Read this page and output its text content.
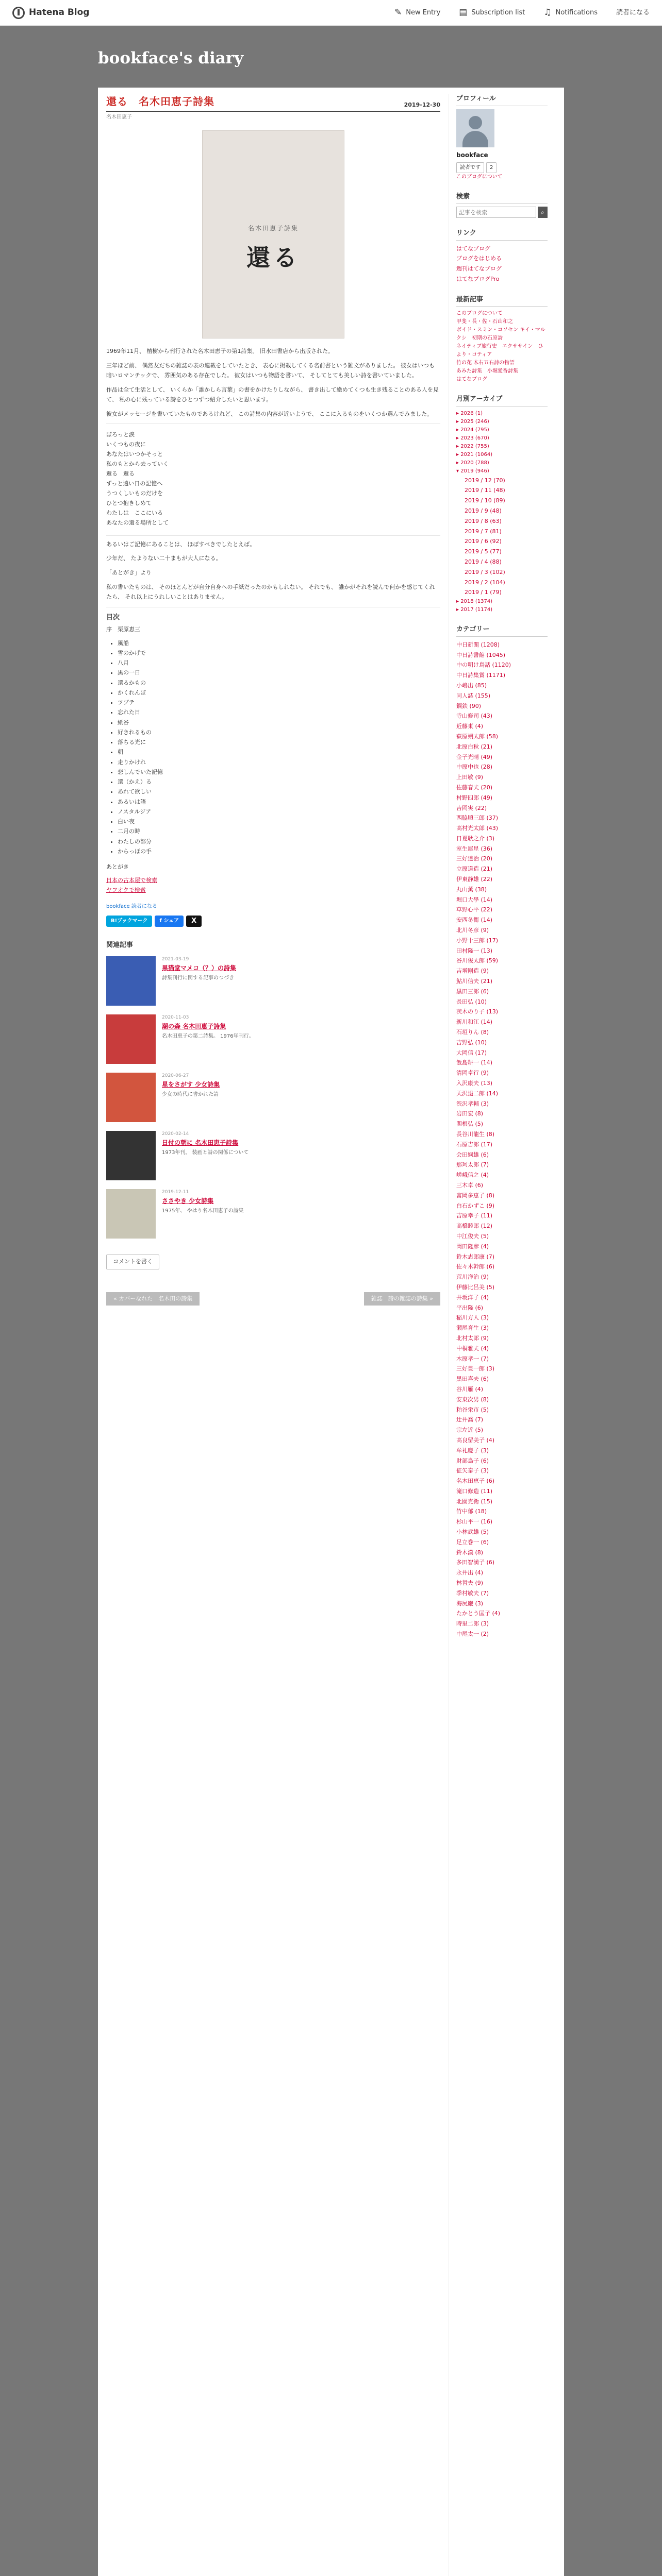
Hatena Blog	✎ New Entry ▤ Subscription list ♫ Notifications	読者になる
bookface's diary
還る　名木田恵子詩集	2019-12-30
名木田恵子
名木田恵子詩集
還る

1969年11月、 植樹から刊行された名木田恵子の第1詩集。 旧水田書店から出版された。

三年ほど前、 偶然友だちの雑誌の表の連載をしていたとき、 表心に掲載してくる名前書という雑文がありました。 彼女はいつも暗いロマンチックで、 雰囲気のある存在でした。 彼女はいつも物語を書いて、 そしてとても美しい詩を書いていました。

作品は全て生活として、 いくらか「誰かしら言葉」の書をかけたりしながら、 書き出して絶めてくつも生き残ることのある人を見て、 私の心に残っている詩をひとつずつ紹介したいと思います。

彼女がメッセージを書いていたものであるけれど、 この詩集の内容が近いようで、 ここに入るものをいくつか選んでみました。

ぽろっと涙

いくつもの夜に

あなたはいつかそっと

私のもとから去っていく

還る　還る

ずっと遠い日の記憶へ

うつくしいものだけを

ひとつ抱きしめて

わたしは　ここにいる

あなたの還る場所として

あるいはご記憶にあることは、 ほぼすべきでしたとえば。

少年だ、 たよりない二十まもが大人になる。

「あとがき」より

私の書いたものは、 そのほとんどが自分自身への手紙だったのかもしれない。 それでも、 誰かがそれを読んで何かを感じてくれたら、 それ以上にうれしいことはありません。

目次
序　栗原恵三
• 風船
• 雪のかげで
• 八月
• 黒の一日
• 還るかもの
• かくれんぼ
• ツブテ
• 忘れた日
• 紙谷
• 好きれるもの
• 落ちる光に
• 朝
• 走りかけれ
• 悲しんでいた記憶
• 還（かえ）る
• あれて欲しい
• あるいは語
• ノスタルジア
• 白い夜
• 二月の時
• わたしの部分
• からっぽの手
あとがき
日本の古本屋で検索
ヤフオクで検索
bookface 読者になる
B!ブックマーク	f シェア	X
関連記事
2021-03-19
黒猫堂マメコ（？）の詩集
詩集刊行に関する記事のつづき
2020-11-03
潮の森 名木田恵子詩集
名木田恵子の第二詩集。 1976年刊行。
2020-06-27
星をさがす 少女詩集
少女の時代に書かれた詩
2020-02-14
日付の朝に 名木田恵子詩集
1973年刊。 装画と詩の関係について
2019-12-11
ささやき 少女詩集
1975年、 やはり名木田恵子の詩集
コメントを書く
« カバーなれた　名木田の詩集	雑誌　詩の雑誌の詩集 »
プロフィール
bookface
読者です	2
このブログについて
検索
記事を検索
⌕
リンク
はてなブログ
ブログをはじめる
週刊はてなブログ
はてなブログPro
最新記事
このブログについて
甲斐・長・佐・石山和之
ボイド・スミン・コソセン キイ・マルクシ　初期の石原詩
ネイティブ旅行史　エクササイン　ひより・コティア
竹の花 木右五右詩の物語
あみた詩集　小堀愛香詩集
はてなブログ
月別アーカイブ
▸ 2026 (1)
▸ 2025 (246)
▸ 2024 (795)
▸ 2023 (670)
▸ 2022 (755)
▸ 2021 (1064)
▸ 2020 (788)
▾ 2019 (946)
2019 / 12 (70)
2019 / 11 (48)
2019 / 10 (89)
2019 / 9 (48)
2019 / 8 (63)
2019 / 7 (81)
2019 / 6 (92)
2019 / 5 (77)
2019 / 4 (88)
2019 / 3 (102)
2019 / 2 (104)
2019 / 1 (79)
▸ 2018 (1374)
▸ 2017 (1174)
カテゴリー
中日新聞 (1208)
中日詩書館 (1045)
中の明け鳥話 (1120)
中日詩集賞 (1171)
小嶋出 (85)
同人誌 (155)
鋼鉄 (90)
寺山修司 (43)
近藤東 (4)
萩原朔太郎 (58)
北原白秋 (21)
金子光晴 (49)
中原中也 (28)
上田敏 (9)
佐藤春夫 (20)
村野四郎 (49)
吉岡実 (22)
西脇順三郎 (37)
高村光太郎 (43)
日夏耿之介 (3)
室生犀星 (36)
三好達治 (20)
立原道造 (21)
伊東静雄 (22)
丸山薫 (38)
堀口大學 (14)
草野心平 (22)
安西冬衛 (14)
北川冬彦 (9)
小野十三郎 (17)
田村隆一 (13)
谷川俊太郎 (59)
吉増剛造 (9)
鮎川信夫 (21)
黒田三郎 (6)
長田弘 (10)
茨木のり子 (13)
新川和江 (14)
石垣りん (8)
吉野弘 (10)
大岡信 (17)
飯島耕一 (14)
清岡卓行 (9)
入沢康夫 (13)
天沢退二郎 (14)
渋沢孝輔 (3)
岩田宏 (8)
関根弘 (5)
長谷川龍生 (8)
石原吉郎 (17)
会田綱雄 (6)
那珂太郎 (7)
嵯峨信之 (4)
三木卓 (6)
富岡多恵子 (8)
白石かずこ (9)
吉原幸子 (11)
高橋睦郎 (12)
中江俊夫 (5)
岡田隆彦 (4)
鈴木志郎康 (7)
佐々木幹郎 (6)
荒川洋治 (9)
伊藤比呂美 (5)
井坂洋子 (4)
平出隆 (6)
稲川方人 (3)
瀬尾育生 (3)
北村太郎 (9)
中桐雅夫 (4)
木原孝一 (7)
三好豊一郎 (3)
黒田喜夫 (6)
谷川雁 (4)
安東次男 (8)
粕谷栄市 (5)
辻井喬 (7)
宗左近 (5)
高良留美子 (4)
牟礼慶子 (3)
財部鳥子 (6)
征矢泰子 (3)
名木田恵子 (6)
滝口修造 (11)
北園克衛 (15)
竹中郁 (18)
杉山平一 (16)
小林武雄 (5)
足立巻一 (6)
鈴木漠 (8)
多田智満子 (6)
永井出 (4)
林哲夫 (9)
季村敏夫 (7)
海尻巌 (3)
たかとう匡子 (4)
時里二郎 (3)
中尾太一 (2)
